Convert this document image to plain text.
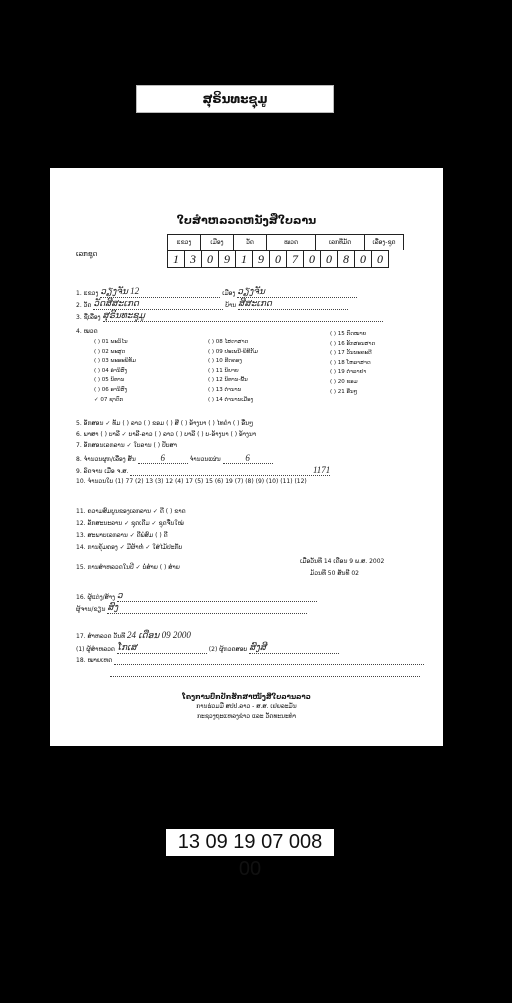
ສຸຣິນທະຊຸມູ
ໃບສໍາຫລວດຫນັງສືໃບລານ
ເລກຊຸດ
ແຂວງ	ເມືອງ	ວັດ	ໝວດ	ເລກທີ່ມັດ	ເລື່ອງ-ຊຸດ
1 3 0 9 1 9 0 7 0 0 8 0 0
1. ແຂວງ ວຽງຈັນ 12	ເມືອງ ວຽງຈັນ
2. ວັດ ວັດສີສະເກດ	ບ້ານ ສີສະເກດ
3. ຊື່ເລື່ອງ ສຸຣິນທະຊຸມູ
4. ໝວດ
( ) 01 ພະວິໄນ
( ) 02 ພະສູດ
( ) 03 ພະອະພິທັມ
( ) 04 ອຳນິສົງ
( ) 05 ນິທານ
( ) 06 ອານິສົງ
✓ 07 ຊາດົກ
( ) 08 ໄສດາສາດ
( ) 09 ປະເພນີ-ພິທີກັມ
( ) 10 ຮີດຄອງ
( ) 11 ນິຍາຍ
( ) 12 ນິທານ-ພື້ນ
( ) 13 ຕຳນານ
( ) 14 ຕຳນານເມືອງ
( ) 15 ກົດໝາຍ
( ) 16 ອັກສອນສາດ
( ) 17 ວັນນະຄະດີ
( ) 18 ໂຫລາສາດ
( ) 19 ຕຳລາຢາ
( ) 20 ຂອມ
( ) 21 ອື່ນໆ
5. ອັກສອນ ✓ ທັມ ( ) ລາວ ( ) ຂອມ ( ) ສີ ( ) ອ້າງນາ ( ) ໄທດຳ ( ) ອື່ນໆ
6. ພາສາ ( ) ບາລີ ✓ ບາລີ-ລາວ ( ) ລາວ ( ) ບາລີ ( ) ບ-ອ້າງນາ ( ) ອ້າງນາ
7. ອັກສອນເລກລານ ✓ ໃບລານ ( ) ປັບສາ
8. ຈຳນວນຜູກ/ເລື່ອງ ສັ້ນ	6	ຈຳນວນແຜ່ນ	6
9. ລົດຈານ ເມື່ອ ຈ.ສ.	1171
10. ຈຳນວນໃບ (1) 77 (2) 13 (3) 12 (4) 17 (5) 15 (6) 19 (7) (8) (9) (10) (11) (12)
11. ຄວາມສົມບູນຂອງເລກລານ ✓ ດີ ( ) ຂາດ
12. ລັກສະນະລານ ✓ ຊຸດເດີມ ✓ ຊຸດຈື່ນໃໝ່
13. ສະພາບເລກລານ ✓ ດີພໍສົມ ( ) ດີ
14. ການຄຸ້ມຄອງ ✓ ມີຜ້າຫໍ່ ✓ ໃສ່ໄມ້ປະກັບ
15. ການສຳຫລວດໃນປີ ✓ ບໍ່ສຳຍ ( ) ສຳຍ
ເມື່ອວັນທີ 14 ເດືອນ 9 ພ.ສ. 2002
ມ້ວນທີ 50 ສັນທີ 02
16. ຜູ້ແຕ່ງ/ສ້າງ ວ
ຜູ້ຈານ/ຂຽນ ສົງ
17. ສຳຫລວດ ວັນທີ 24 ເດືອນ 09 2000
(1) ຜູ້ສຳຫລວດ ໂກເສ	(2) ຜູ້ກວດສອບ ສົງສີ
18. ໝາຍເຫດ

ໂຄງການປົກປັກຮັກສາໜັງສືໃບລານລາວ
ການຮ່ວມມື ສປປ.ລາວ - ສ.ສ. ເຢຍລະມັນ
ກະຊວງຖະແຫລງຂ່າວ ແລະ ວັດທະນະທຳ
13 09 19 07 008 00
